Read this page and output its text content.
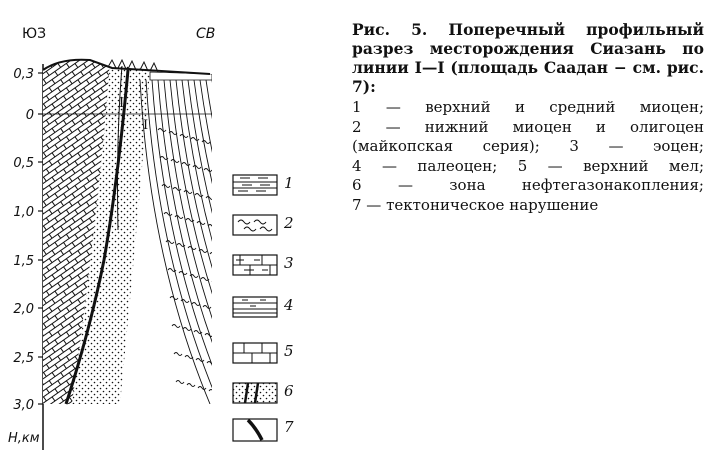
ЮЗ	СВ
0,3
0
0,5
1,0
1,5
2,0
2,5
3,0
Н,км
I
I
1
2
3
4
5
6
7

Рис. 5. Поперечный профильный разрез месторождения Сиазань по линии I—I (площадь Саадан − см. рис. 7):

1 — верхний и средний миоцен;
2 — нижний миоцен и олигоцен
(майкопская серия); 3 — эоцен;
4 — палеоцен; 5 — верхний мел;
6 — зона нефтегазонакопления;
7 — тектоническое нарушение
